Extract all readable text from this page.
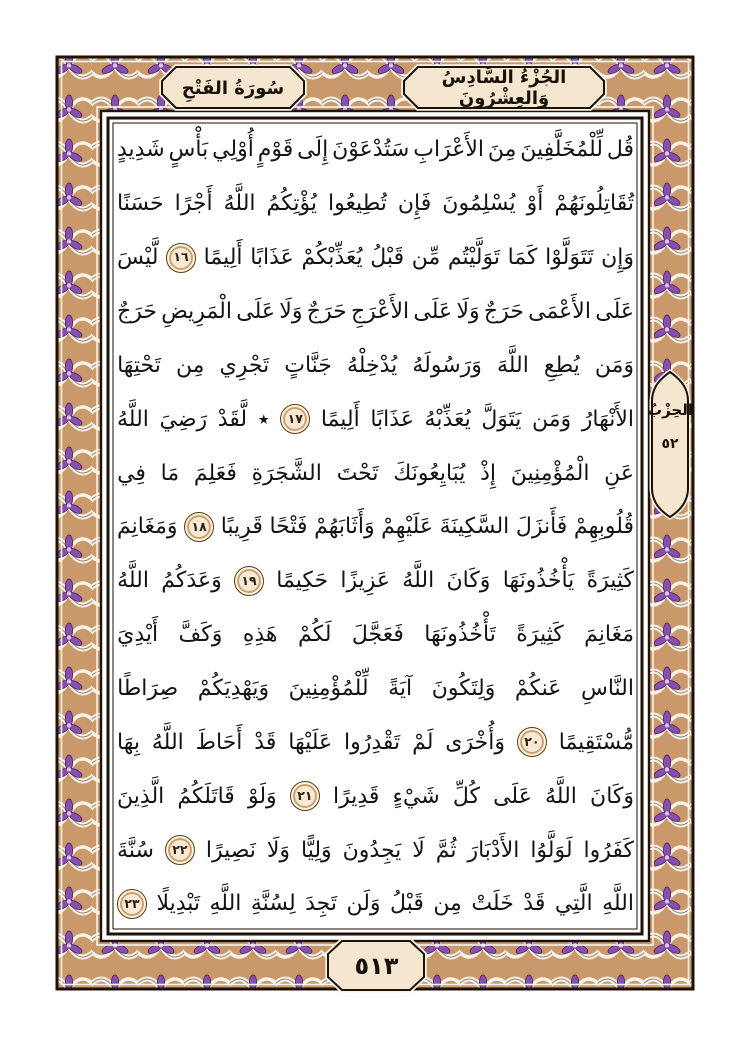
سُورَةُ الفَتْحِ	الجُزْءُ السَّادِسُ وَالعِشْرُونَ
الحِزْبُ
٥٢
٥١٣
قُل
لِّلْمُخَلَّفِينَ
مِنَ
الأَعْرَابِ
سَتُدْعَوْنَ
إِلَى
قَوْمٍ
أُوْلِي
بَأْسٍ
شَدِيدٍ
تُقَاتِلُونَهُمْ
أَوْ
يُسْلِمُونَ
فَإِن
تُطِيعُوا
يُؤْتِكُمُ
اللَّهُ
أَجْرًا
حَسَنًا
وَإِن
تَتَوَلَّوْا
كَمَا
تَوَلَّيْتُم
مِّن
قَبْلُ
يُعَذِّبْكُمْ
عَذَابًا
أَلِيمًا
١٦
لَّيْسَ
عَلَى
الأَعْمَى
حَرَجٌ
وَلَا
عَلَى
الأَعْرَجِ
حَرَجٌ
وَلَا
عَلَى
الْمَرِيضِ
حَرَجٌ
وَمَن
يُطِعِ
اللَّهَ
وَرَسُولَهُ
يُدْخِلْهُ
جَنَّاتٍ
تَجْرِي
مِن
تَحْتِهَا
الأَنْهَارُ
وَمَن
يَتَوَلَّ
يُعَذِّبْهُ
عَذَابًا
أَلِيمًا
١٧
٭
لَّقَدْ
رَضِيَ
اللَّهُ
عَنِ
الْمُؤْمِنِينَ
إِذْ
يُبَايِعُونَكَ
تَحْتَ
الشَّجَرَةِ
فَعَلِمَ
مَا
فِي
قُلُوبِهِمْ
فَأَنزَلَ
السَّكِينَةَ
عَلَيْهِمْ
وَأَثَابَهُمْ
فَتْحًا
قَرِيبًا
١٨
وَمَغَانِمَ
كَثِيرَةً
يَأْخُذُونَهَا
وَكَانَ
اللَّهُ
عَزِيزًا
حَكِيمًا
١٩
وَعَدَكُمُ
اللَّهُ
مَغَانِمَ
كَثِيرَةً
تَأْخُذُونَهَا
فَعَجَّلَ
لَكُمْ
هَذِهِ
وَكَفَّ
أَيْدِيَ
النَّاسِ
عَنكُمْ
وَلِتَكُونَ
آيَةً
لِّلْمُؤْمِنِينَ
وَيَهْدِيَكُمْ
صِرَاطًا
مُّسْتَقِيمًا
٢٠
وَأُخْرَى
لَمْ
تَقْدِرُوا
عَلَيْهَا
قَدْ
أَحَاطَ
اللَّهُ
بِهَا
وَكَانَ
اللَّهُ
عَلَى
كُلِّ
شَيْءٍ
قَدِيرًا
٢١
وَلَوْ
قَاتَلَكُمُ
الَّذِينَ
كَفَرُوا
لَوَلَّوُا
الأَدْبَارَ
ثُمَّ
لَا
يَجِدُونَ
وَلِيًّا
وَلَا
نَصِيرًا
٢٢
سُنَّةَ
اللَّهِ
الَّتِي
قَدْ
خَلَتْ
مِن
قَبْلُ
وَلَن
تَجِدَ
لِسُنَّةِ
اللَّهِ
تَبْدِيلًا
٢٣
